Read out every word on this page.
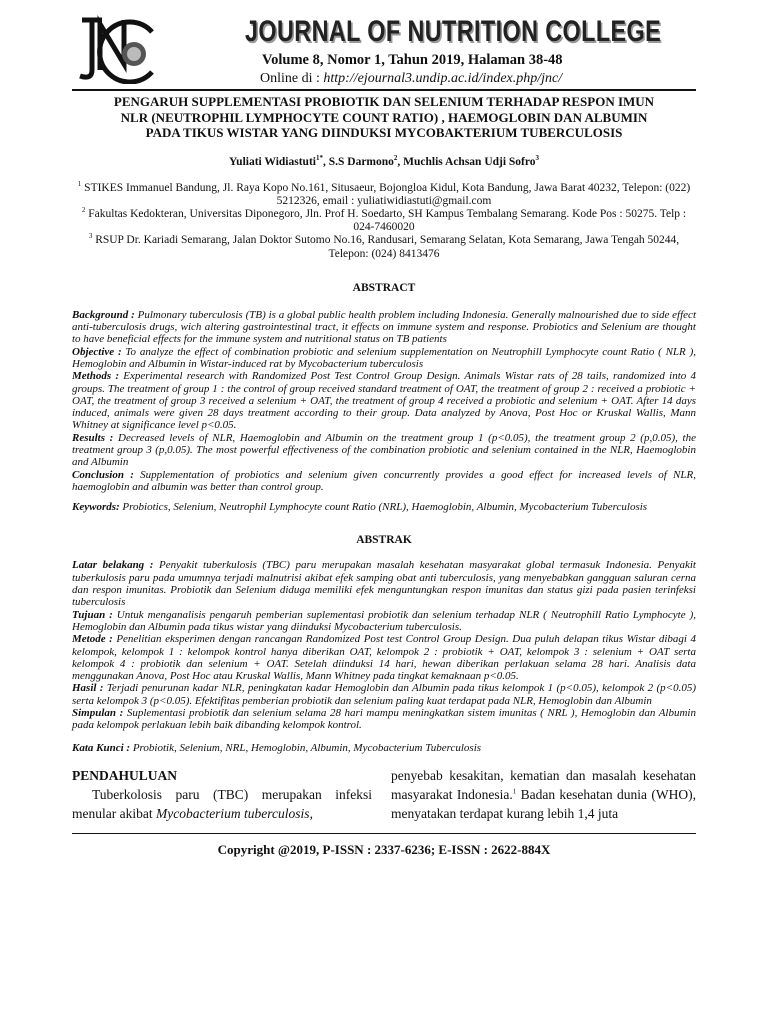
JOURNAL OF NUTRITION COLLEGE
Volume 8, Nomor 1, Tahun 2019, Halaman 38-48
Online di : http://ejournal3.undip.ac.id/index.php/jnc/
PENGARUH SUPPLEMENTASI PROBIOTIK DAN SELENIUM TERHADAP RESPON IMUN
NLR (NEUTROPHIL LYMPHOCYTE COUNT RATIO) , HAEMOGLOBIN DAN ALBUMIN
PADA TIKUS WISTAR YANG DIINDUKSI MYCOBAKTERIUM TUBERCULOSIS
Yuliati Widiastuti$^{1*}$, S.S Darmono$^2$, Muchlis Achsan Udji Sofro$^3$
$^1$ STIKES Immanuel Bandung, Jl. Raya Kopo No.161, Situsaeur, Bojongloa Kidul, Kota Bandung, Jawa Barat 40232, Telepon: (022) 5212326, email : yuliatiwidiastuti@gmail.com
$^2$ Fakultas Kedokteran, Universitas Diponegoro, Jln. Prof H. Soedarto, SH Kampus Tembalang Semarang. Kode Pos : 50275. Telp : 024-7460020
$^3$ RSUP Dr. Kariadi Semarang, Jalan Doktor Sutomo No.16, Randusari, Semarang Selatan, Kota Semarang, Jawa Tengah 50244, Telepon: (024) 8413476
ABSTRACT

Background : Pulmonary tuberculosis (TB) is a global public health problem including Indonesia. Generally malnourished due to side effect anti-tuberculosis drugs, wich altering gastrointestinal tract, it effects on immune system and response. Probiotics and Selenium are thought to have beneficial effects for the immune system and nutritional status on TB patients

Objective : To analyze the effect of combination probiotic and selenium supplementation on Neutrophill Lymphocyte count Ratio ( NLR ), Hemoglobin and Albumin in Wistar-induced rat by Mycobacterium tuberculosis

Methods : Experimental research with Randomized Post Test Control Group Design. Animals Wistar rats of 28 tails, randomized into 4 groups. The treatment of group 1 : the control of group received standard treatment of OAT, the treatment of group 2 : received a probiotic + OAT, the treatment of group 3 received a selenium + OAT, the treatment of group 4 received a probiotic and selenium + OAT. After 14 days induced, animals were given 28 days treatment according to their group. Data analyzed by Anova, Post Hoc or Kruskal Wallis, Mann Whitney at significance level p<0.05.

Results : Decreased levels of NLR, Haemoglobin and Albumin on the treatment group 1 (p<0.05), the treatment group 2 (p,0.05), the treatment group 3 (p,0.05). The most powerful effectiveness of the combination probiotic and selenium contained in the NLR, Haemoglobin and Albumin

Conclusion : Supplementation of probiotics and selenium given concurrently provides a good effect for increased levels of NLR, haemoglobin and albumin was better than control group.

Keywords: Probiotics, Selenium, Neutrophil Lymphocyte count Ratio (NRL), Haemoglobin, Albumin, Mycobacterium Tuberculosis
ABSTRAK

Latar belakang : Penyakit tuberkulosis (TBC) paru merupakan masalah kesehatan masyarakat global termasuk Indonesia. Penyakit tuberkulosis paru pada umumnya terjadi malnutrisi akibat efek samping obat anti tuberculosis, yang menyebabkan gangguan saluran cerna dan respon imunitas. Probiotik dan Selenium diduga memiliki efek menguntungkan respon imunitas dan status gizi pada pasien terinfeksi tuberculosis

Tujuan : Untuk menganalisis pengaruh pemberian suplementasi probiotik dan selenium terhadap NLR ( Neutrophill Ratio Lymphocyte ), Hemoglobin dan Albumin pada tikus wistar yang diinduksi Mycobacterium tuberculosis.

Metode : Penelitian eksperimen dengan rancangan Randomized Post test Control Group Design. Dua puluh delapan tikus Wistar dibagi 4 kelompok, kelompok 1 : kelompok kontrol hanya diberikan OAT, kelompok 2 : probiotik + OAT, kelompok 3 : selenium + OAT serta kelompok 4 : probiotik dan selenium + OAT. Setelah diinduksi 14 hari, hewan diberikan perlakuan selama 28 hari. Analisis data menggunakan Anova, Post Hoc atau Kruskal Wallis, Mann Whitney pada tingkat kemaknaan p<0.05.

Hasil : Terjadi penurunan kadar NLR, peningkatan kadar Hemoglobin dan Albumin pada tikus kelompok 1 (p<0.05), kelompok 2 (p<0.05) serta kelompok 3 (p<0.05). Efektifitas pemberian probiotik dan selenium paling kuat terdapat pada NLR, Hemoglobin dan Albumin

Simpulan : Suplementasi probiotik dan selenium selama 28 hari mampu meningkatkan sistem imunitas ( NRL ), Hemoglobin dan Albumin pada kelompok perlakuan lebih baik dibanding kelompok kontrol.

Kata Kunci : Probiotik, Selenium, NRL, Hemoglobin, Albumin, Mycobacterium Tuberculosis
PENDAHULUAN
Tuberkolosis paru (TBC) merupakan infeksi menular akibat Mycobacterium tuberculosis,
penyebab kesakitan, kematian dan masalah kesehatan masyarakat Indonesia.$^1$ Badan kesehatan dunia (WHO), menyatakan terdapat kurang lebih 1,4 juta
Copyright @2019, P-ISSN : 2337-6236; E-ISSN : 2622-884X
